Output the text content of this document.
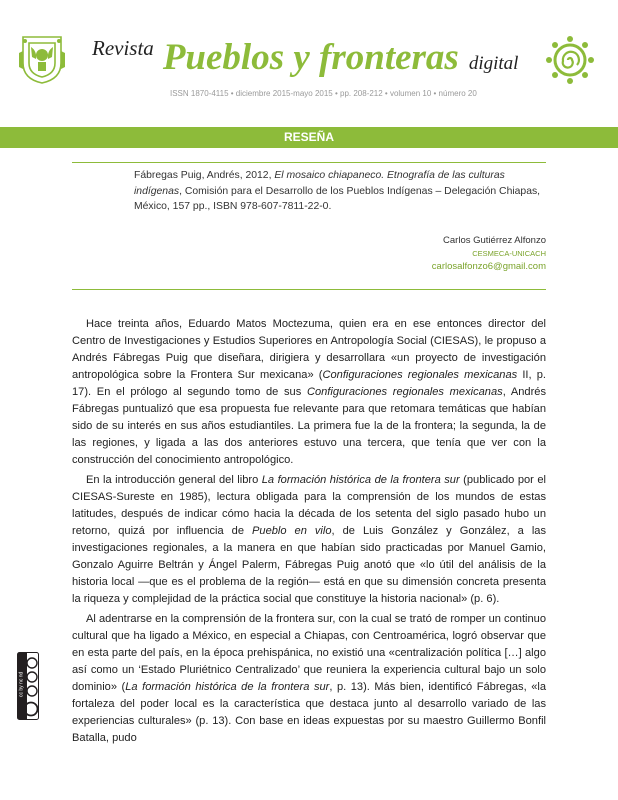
Revista Pueblos y fronteras digital
ISSN 1870-4115 • diciembre 2015-mayo 2015 • pp. 208-212 • volumen 10 • número 20
RESEÑA
Fábregas Puig, Andrés, 2012, El mosaico chiapaneco. Etnografía de las culturas indígenas, Comisión para el Desarrollo de los Pueblos Indígenas – Delegación Chiapas, México, 157 pp., ISBN 978-607-7811-22-0.
Carlos Gutiérrez Alfonzo
CESMECA-UNICACH
carlosalfonzo6@gmail.com

Hace treinta años, Eduardo Matos Moctezuma, quien era en ese entonces director del Centro de Investigaciones y Estudios Superiores en Antropología Social (CIESAS), le propuso a Andrés Fábregas Puig que diseñara, dirigiera y desarrollara «un proyecto de investigación antropológica sobre la Frontera Sur mexicana» (Configuraciones regionales mexicanas II, p. 17). En el prólogo al segundo tomo de sus Configuraciones regionales mexicanas, Andrés Fábregas puntualizó que esa propuesta fue relevante para que retomara temáticas que habían sido de su interés en sus años estudiantiles. La primera fue la de la frontera; la segunda, la de las regiones, y ligada a las dos anteriores estuvo una tercera, que tenía que ver con la construcción del conocimiento antropológico.

En la introducción general del libro La formación histórica de la frontera sur (publicado por el CIESAS-Sureste en 1985), lectura obligada para la comprensión de los mundos de estas latitudes, después de indicar cómo hacia la década de los setenta del siglo pasado hubo un retorno, quizá por influencia de Pueblo en vilo, de Luis González y González, a las investigaciones regionales, a la manera en que habían sido practicadas por Manuel Gamio, Gonzalo Aguirre Beltrán y Ángel Palerm, Fábregas Puig anotó que «lo útil del análisis de la historia local —que es el problema de la región— está en que su dimensión concreta presenta la riqueza y complejidad de la práctica social que constituye la historia nacional» (p. 6).

Al adentrarse en la comprensión de la frontera sur, con la cual se trató de romper un continuo cultural que ha ligado a México, en especial a Chiapas, con Centroamérica, logró observar que en esta parte del país, en la época prehispánica, no existió una «centralización política […] algo así como un ‘Estado Pluriétnico Centralizado’ que reuniera la experiencia cultural bajo un solo dominio» (La formación histórica de la frontera sur, p. 13). Más bien, identificó Fábregas, «la fortaleza del poder local es la característica que destaca junto al desarrollo variado de las experiencias culturales» (p. 13). Con base en ideas expuestas por su maestro Guillermo Bonfil Batalla, pudo

cc by nc nd
